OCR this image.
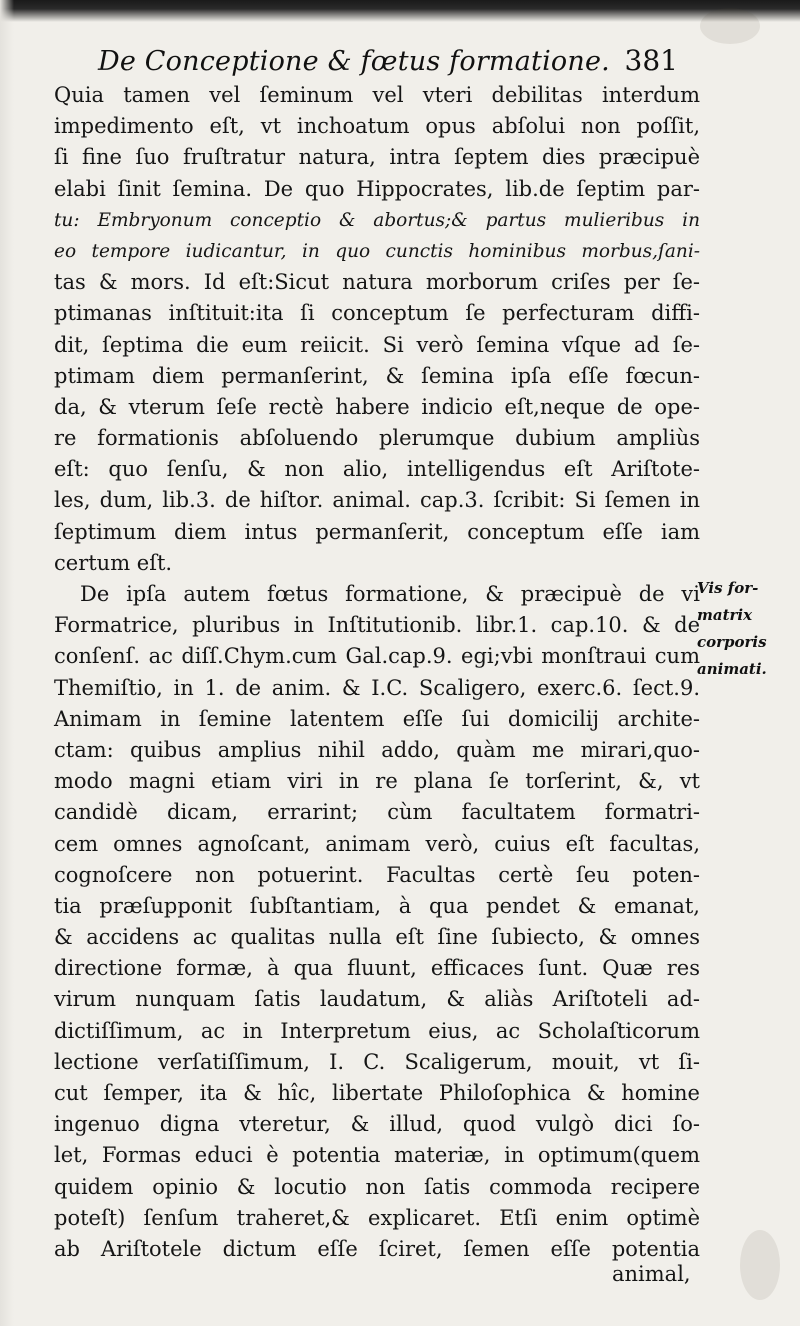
De Conceptione & fœtus formatione. 381
Quia tamen vel ſeminum vel vteri debilitas interdum
impedimento eſt, vt inchoatum opus abſolui non poſſit,
ſi fine ſuo fruſtratur natura, intra ſeptem dies præcipuè
elabi ſinit ſemina. De quo Hippocrates, lib.de ſeptim par-
tu: Embryonum conceptio & abortus;& partus mulieribus in
eo tempore iudicantur, in quo cunctis hominibus morbus,ſani-
tas & mors. Id eſt:Sicut natura morborum criſes per ſe-
ptimanas inſtituit:ita ſi conceptum ſe perfecturam diffi-
dit, ſeptima die eum reiicit. Si verò ſemina vſque ad ſe-
ptimam diem permanſerint, & ſemina ipſa eſſe fœcun-
da, & vterum ſeſe rectè habere indicio eſt,neque de ope-
re formationis abſoluendo plerumque dubium ampliùs
eſt: quo ſenſu, & non alio, intelligendus eſt Ariſtote-
les, dum, lib.3. de hiſtor. animal. cap.3. ſcribit: Si ſemen in
ſeptimum diem intus permanſerit, conceptum eſſe iam
certum eſt.
De ipſa autem fœtus formatione, & præcipuè de vi
Formatrice, pluribus in Inſtitutionib. libr.1. cap.10. & de
conſenſ. ac diſſ.Chym.cum Gal.cap.9. egi;vbi monſtraui cum
Themiſtio, in 1. de anim. & I.C. Scaligero, exerc.6. ſect.9.
Animam in ſemine latentem eſſe ſui domicilij archite-
ctam: quibus amplius nihil addo, quàm me mirari,quo-
modo magni etiam viri in re plana ſe torſerint, &, vt
candidè dicam, errarint; cùm facultatem formatri-
cem omnes agnoſcant, animam verò, cuius eſt facultas,
cognoſcere non potuerint. Facultas certè ſeu poten-
tia præſupponit ſubſtantiam, à qua pendet & emanat,
& accidens ac qualitas nulla eſt ſine ſubiecto, & omnes
directione formæ, à qua fluunt, efficaces ſunt. Quæ res
virum nunquam ſatis laudatum, & aliàs Ariſtoteli ad-
dictiſſimum, ac in Interpretum eius, ac Scholaſticorum
lectione verſatiſſimum, I. C. Scaligerum, mouit, vt ſi-
cut ſemper, ita & hîc, libertate Philoſophica & homine
ingenuo digna vteretur, & illud, quod vulgò dici ſo-
let, Formas educi è potentia materiæ, in optimum(quem
quidem opinio & locutio non ſatis commoda recipere
poteſt) ſenſum traheret,& explicaret. Etſi enim optimè
ab Ariſtotele dictum eſſe ſciret, ſemen eſſe potentia
Vis for-
matrix
corporis
animati.
animal,
